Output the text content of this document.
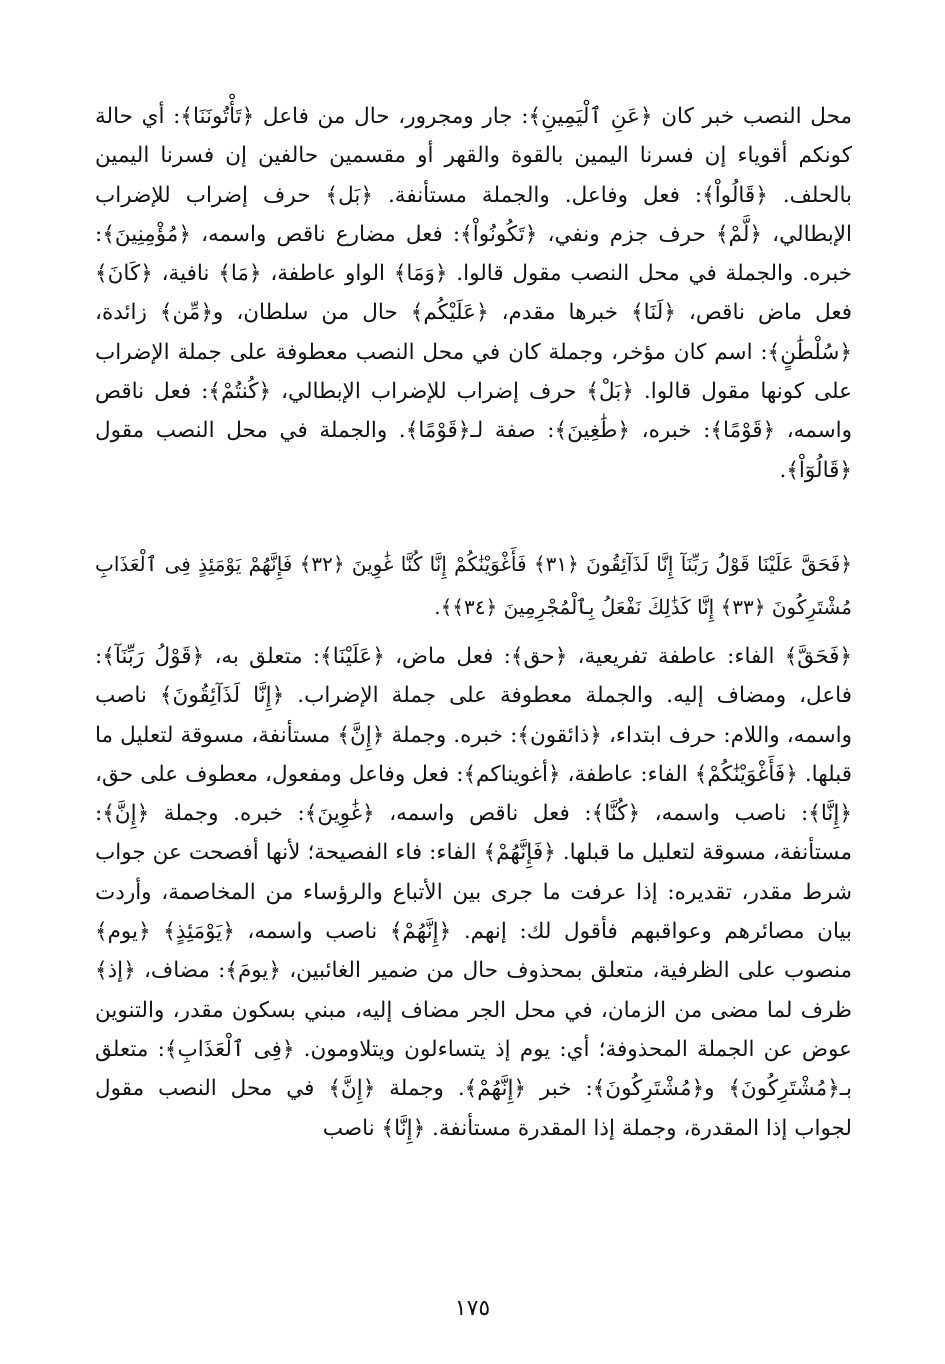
محل النصب خبر كان ﴿عَنِ ٱلْيَمِينِ﴾: جار ومجرور، حال من فاعل ﴿تَأْتُونَنَا﴾: أي حالة كونكم أقوياء إن فسرنا اليمين بالقوة والقهر أو مقسمين حالفين إن فسرنا اليمين بالحلف. ﴿قَالُواْ﴾: فعل وفاعل. والجملة مستأنفة. ﴿بَل﴾ حرف إضراب للإضراب الإبطالي، ﴿لَّمْ﴾ حرف جزم ونفي، ﴿تَكُونُواْ﴾: فعل مضارع ناقص واسمه، ﴿مُؤْمِنِينَ﴾: خبره. والجملة في محل النصب مقول قالوا. ﴿وَمَا﴾ الواو عاطفة، ﴿مَا﴾ نافية، ﴿كَانَ﴾ فعل ماض ناقص، ﴿لَنَا﴾ خبرها مقدم، ﴿عَلَيْكُم﴾ حال من سلطان، و﴿مِّن﴾ زائدة، ﴿سُلْطَٰنٍ﴾: اسم كان مؤخر، وجملة كان في محل النصب معطوفة على جملة الإضراب على كونها مقول قالوا. ﴿بَلْ﴾ حرف إضراب للإضراب الإبطالي، ﴿كُنتُمْ﴾: فعل ناقص واسمه، ﴿قَوْمًا﴾: خبره، ﴿طَٰغِينَ﴾: صفة لـ﴿قَوْمًا﴾. والجملة في محل النصب مقول ﴿قَالُوٓاْ﴾.

﴿فَحَقَّ عَلَيْنَا قَوْلُ رَبِّنَآ إِنَّا لَذَآئِقُونَ ﴿٣١﴾ فَأَغْوَيْنَٰكُمْ إِنَّا كُنَّا غَٰوِينَ ﴿٣٢﴾ فَإِنَّهُمْ يَوْمَئِذٍ فِى ٱلْعَذَابِ مُشْتَرِكُونَ ﴿٣٣﴾ إِنَّا كَذَٰلِكَ نَفْعَلُ بِٱلْمُجْرِمِينَ ﴿٣٤﴾﴾.

﴿فَحَقَّ﴾ الفاء: عاطفة تفريعية، ﴿حق﴾: فعل ماض، ﴿عَلَيْنَا﴾: متعلق به، ﴿قَوْلُ رَبِّنَآ﴾: فاعل، ومضاف إليه. والجملة معطوفة على جملة الإضراب. ﴿إِنَّا لَذَآئِقُونَ﴾ ناصب واسمه، واللام: حرف ابتداء، ﴿ذائقون﴾: خبره. وجملة ﴿إِنَّ﴾ مستأنفة، مسوقة لتعليل ما قبلها. ﴿فَأَغْوَيْنَٰكُمْ﴾ الفاء: عاطفة، ﴿أغويناكم﴾: فعل وفاعل ومفعول، معطوف على حق، ﴿إِنَّا﴾: ناصب واسمه، ﴿كُنَّا﴾: فعل ناقص واسمه، ﴿غَٰوِينَ﴾: خبره. وجملة ﴿إِنَّ﴾: مستأنفة، مسوقة لتعليل ما قبلها. ﴿فَإِنَّهُمْ﴾ الفاء: فاء الفصيحة؛ لأنها أفصحت عن جواب شرط مقدر، تقديره: إذا عرفت ما جرى بين الأتباع والرؤساء من المخاصمة، وأردت بيان مصائرهم وعواقبهم فأقول لك: إنهم. ﴿إِنَّهُمْ﴾ ناصب واسمه، ﴿يَوْمَئِذٍ﴾ ﴿يوم﴾ منصوب على الظرفية، متعلق بمحذوف حال من ضمير الغائبين، ﴿يومَ﴾: مضاف، ﴿إذ﴾ ظرف لما مضى من الزمان، في محل الجر مضاف إليه، مبني بسكون مقدر، والتنوين عوض عن الجملة المحذوفة؛ أي: يوم إذ يتساءلون ويتلاومون. ﴿فِى ٱلْعَذَابِ﴾: متعلق بـ﴿مُشْتَرِكُونَ﴾ و﴿مُشْتَرِكُونَ﴾: خبر ﴿إِنَّهُمْ﴾. وجملة ﴿إِنَّ﴾ في محل النصب مقول لجواب إذا المقدرة، وجملة إذا المقدرة مستأنفة. ﴿إِنَّا﴾ ناصب

١٧٥
